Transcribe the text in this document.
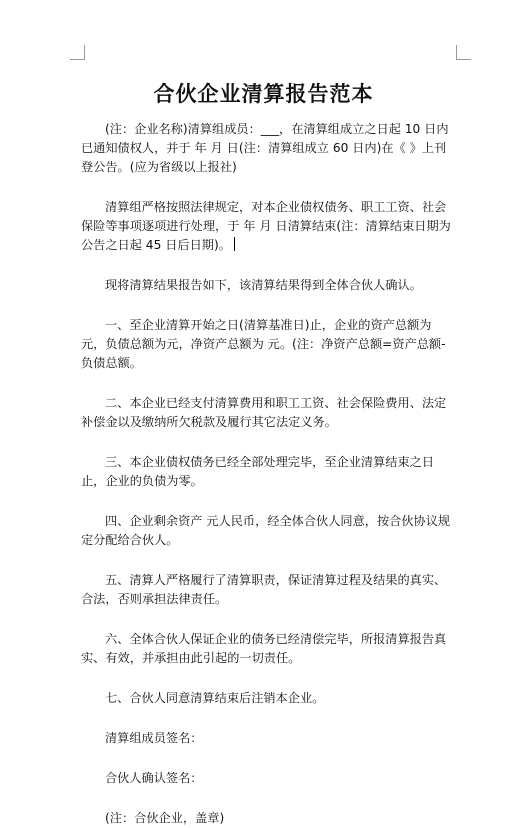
合伙企业清算报告范本

(注：企业名称)清算组成员：___，在清算组成立之日起 10 日内已通知债权人，并于 年 月 日(注：清算组成立 60 日内)在《 》上刊登公告。(应为省级以上报社)

清算组严格按照法律规定，对本企业债权债务、职工工资、社会保险等事项逐项进行处理，于 年 月 日清算结束(注：清算结束日期为公告之日起 45 日后日期)。

现将清算结果报告如下，该清算结果得到全体合伙人确认。

一、至企业清算开始之日(清算基准日)止，企业的资产总额为元，负债总额为元，净资产总额为 元。(注：净资产总额=资产总额-负债总额。

二、本企业已经支付清算费用和职工工资、社会保险费用、法定补偿金以及缴纳所欠税款及履行其它法定义务。

三、本企业债权债务已经全部处理完毕，至企业清算结束之日止，企业的负债为零。

四、企业剩余资产 元人民币，经全体合伙人同意，按合伙协议规定分配给合伙人。

五、清算人严格履行了清算职责，保证清算过程及结果的真实、合法，否则承担法律责任。

六、全体合伙人保证企业的债务已经清偿完毕，所报清算报告真实、有效，并承担由此引起的一切责任。

七、合伙人同意清算结束后注销本企业。

清算组成员签名：

合伙人确认签名：

(注：合伙企业，盖章)
